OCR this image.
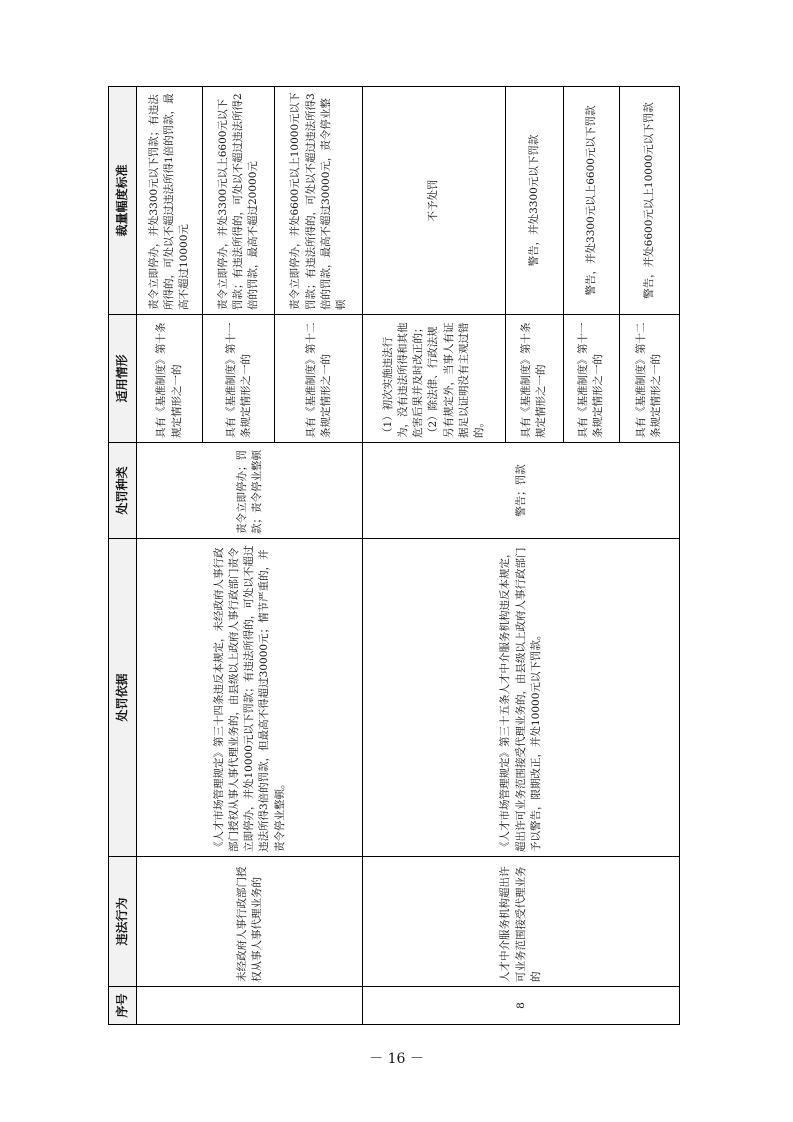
序号	违法行为	处罚依据	处罚种类	适用情形	裁量幅度标准
	未经政府人事行政部门授权从事人事代理业务的	《人才市场管理规定》第三十四条违反本规定，未经政府人事行政部门授权从事人事代理业务的，由县级以上政府人事行政部门责令立即停办，并处10000元以下罚款；有违法所得的，可处以不超过违法所得3倍的罚款，但最高不得超过30000元；情节严重的，并责令停业整顿。	责令立即停办；罚款；责令停业整顿	具有《基准制度》第十条规定情形之一的	责令立即停办，并处3300元以下罚款；有违法所得的，可处以不超过违法所得1倍的罚款，最高不超过10000元
				具有《基准制度》第十一条规定情形之一的	责令立即停办，并处3300元以上6600元以下罚款；有违法所得的，可处以不超过违法所得2倍的罚款，最高不超过20000元
				具有《基准制度》第十二条规定情形之一的	责令立即停办，并处6600元以上10000元以下罚款；有违法所得的，可处以不超过违法所得3倍的罚款，最高不超过30000元，责令停业整顿
8	人才中介服务机构超出许可业务范围接受代理业务的	《人才市场管理规定》第三十五条人才中介服务机构违反本规定，超出许可业务范围接受代理业务的，由县级以上政府人事行政部门予以警告，限期改正，并处10000元以下罚款。	警告；罚款	（1）初次实施违法行为，没有违法所得和其他危害后果并及时改正的；（2）除法律、行政法规另有规定外，当事人有证据足以证明没有主观过错的。	不予处罚
				具有《基准制度》第十条规定情形之一的	警告，并处3300元以下罚款
				具有《基准制度》第十一条规定情形之一的	警告，并处3300元以上6600元以下罚款
				具有《基准制度》第十二条规定情形之一的	警告，并处6600元以上10000元以下罚款
－ 16 －
